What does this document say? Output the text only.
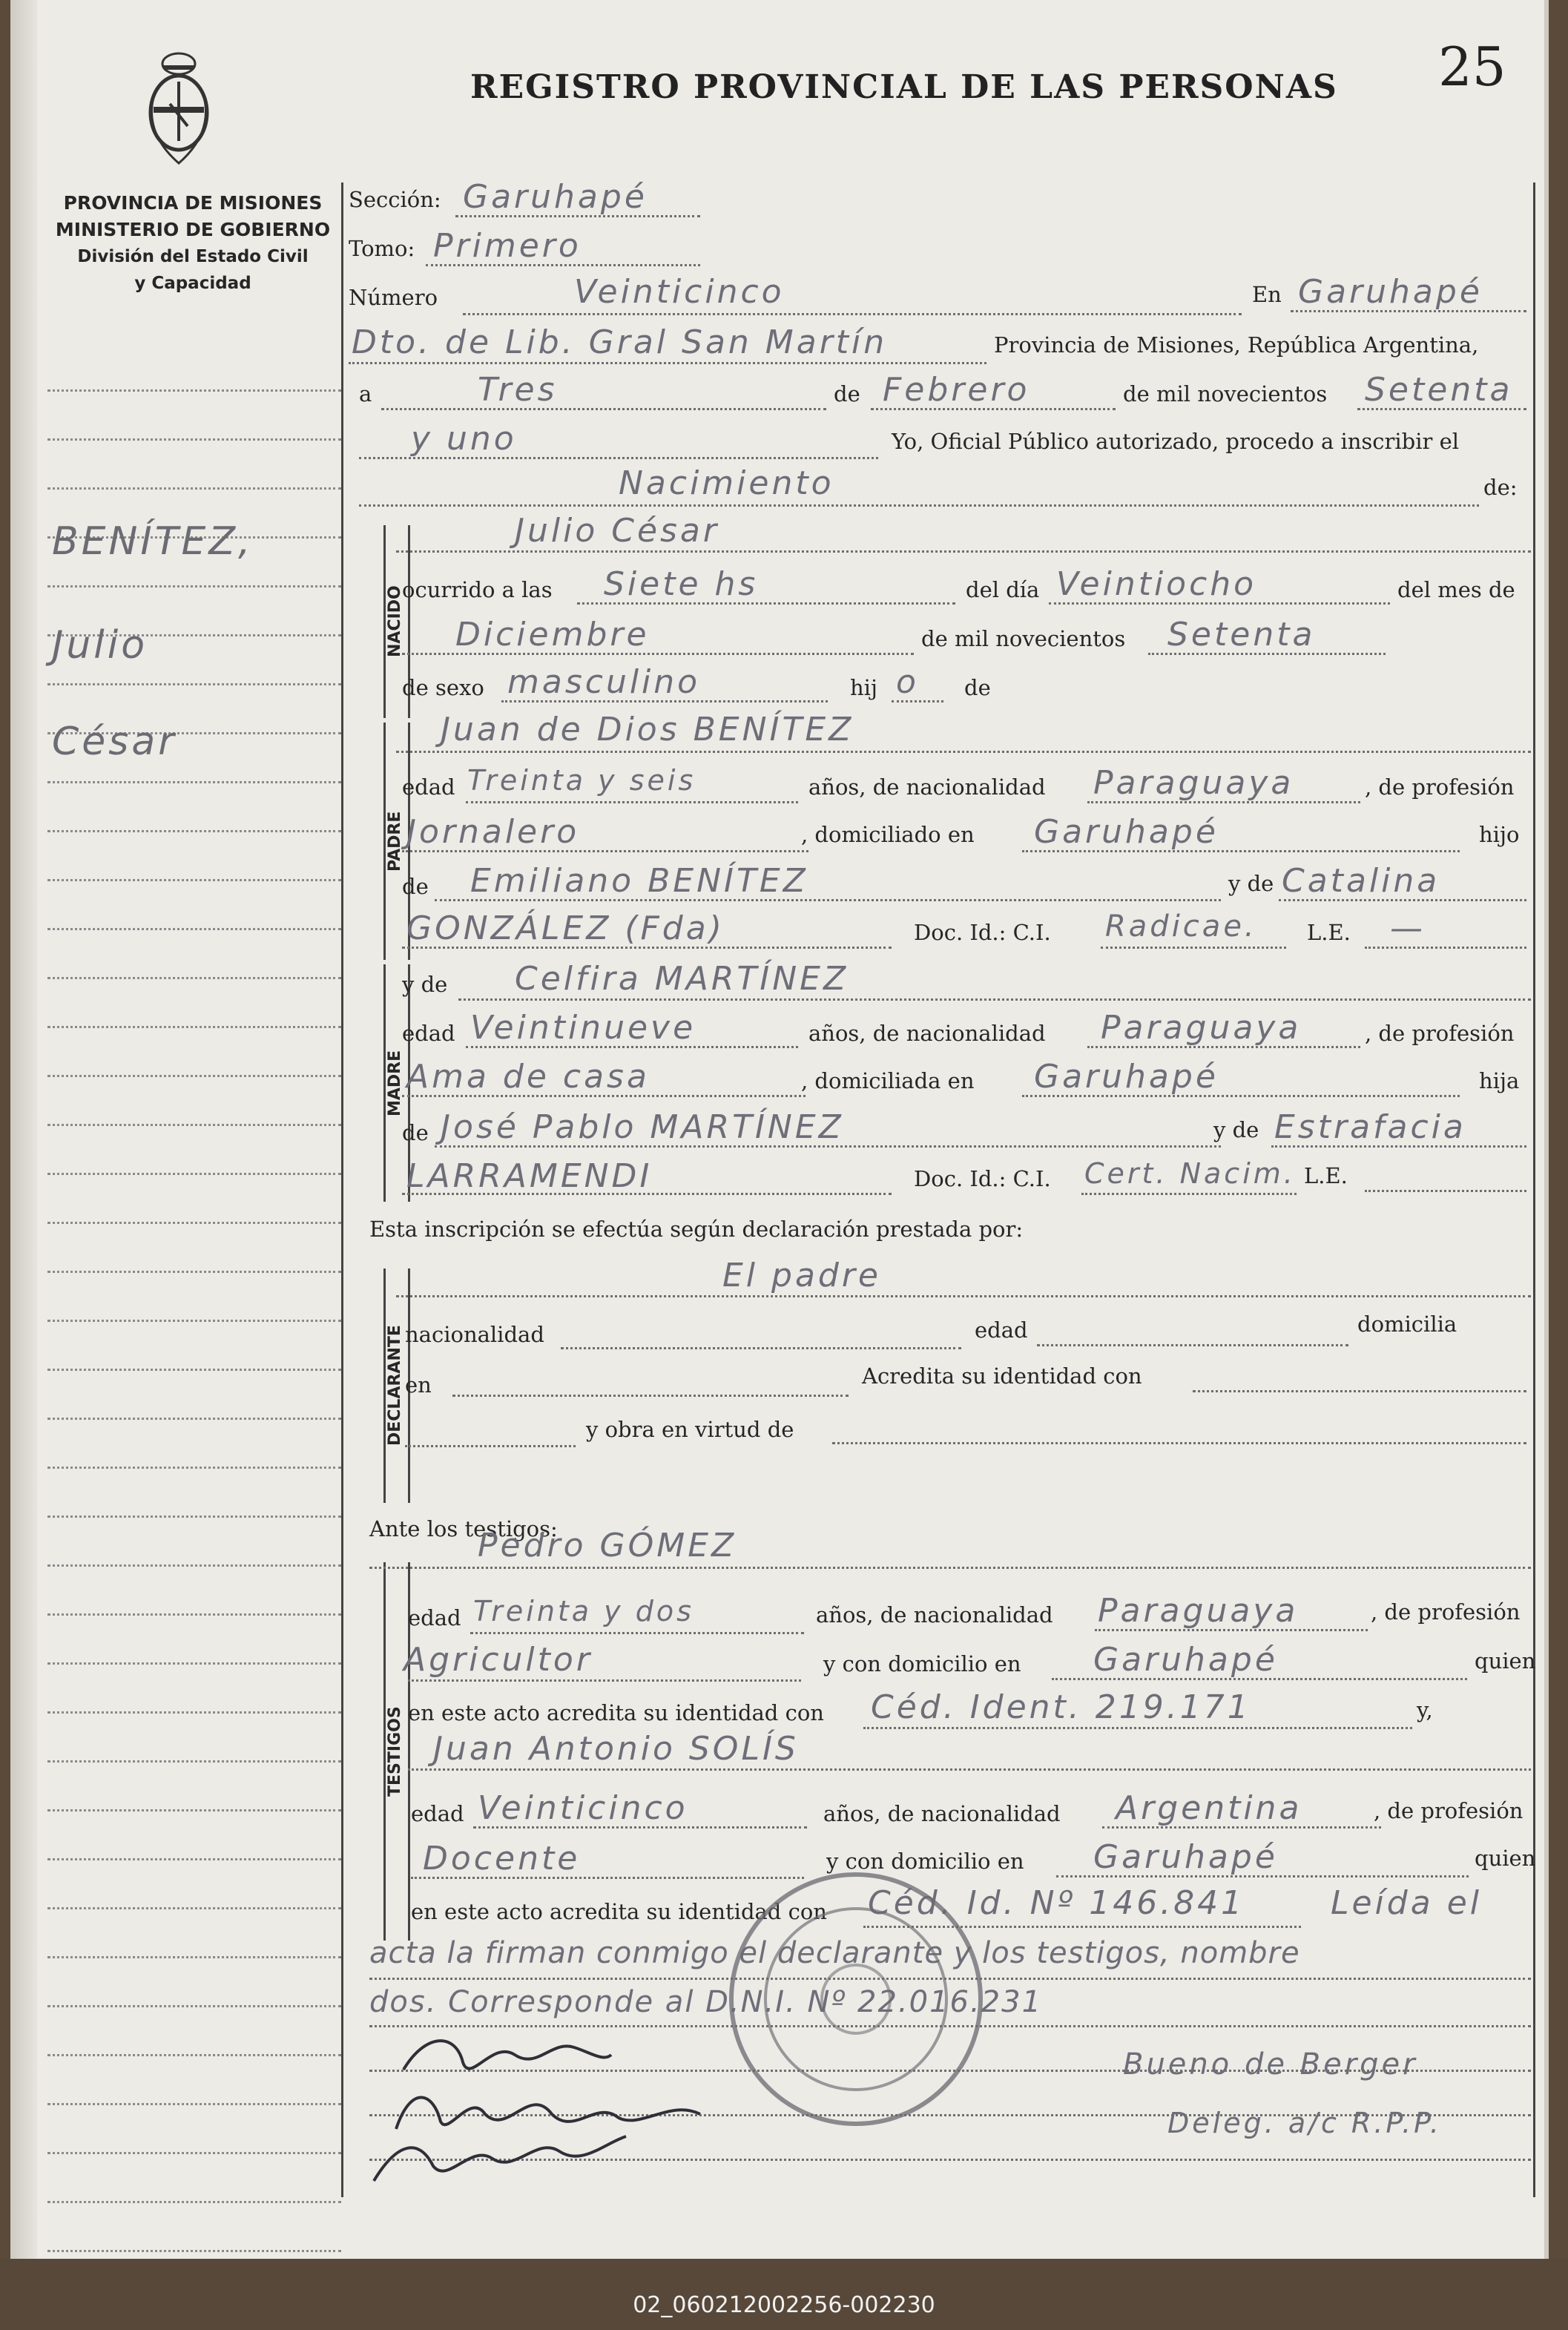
25
REGISTRO PROVINCIAL DE LAS PERSONAS
PROVINCIA DE MISIONES
MINISTERIO DE GOBIERNO
División del Estado Civil
y Capacidad
BENÍTEZ,
Julio
César
Sección: Garuhapé
Tomo: Primero
Número	Veinticinco	En Garuhapé
Dto. de Lib. Gral San Martín	Provincia de Misiones, República Argentina,
a	Tres	de Febrero	de mil novecientos Setenta
y uno	Yo, Oficial Público autorizado, procedo a inscribir el
Nacimiento	de:
NACIDO
Julio César
ocurrido a las Siete hs	del día Veintiocho	del mes de
Diciembre	de mil novecientos Setenta
de sexo masculino	hij o de
PADRE
Juan de Dios BENÍTEZ
edad Treinta y seis	años, de nacionalidad Paraguaya	, de profesión
Jornalero	, domiciliado en Garuhapé	hijo
de Emiliano BENÍTEZ	y de Catalina
GONZÁLEZ (Fda)	Doc. Id.: C.I. Radicae. L.E. —
MADRE
y de Celfira MARTÍNEZ
edad Veintinueve	años, de nacionalidad Paraguaya	, de profesión
Ama de casa	, domiciliada en Garuhapé	hija
de José Pablo MARTÍNEZ	y de Estrafacia
LARRAMENDI	Doc. Id.: C.I. Cert. Nacim. L.E.
Esta inscripción se efectúa según declaración prestada por:
DECLARANTE
El padre
nacionalidad	edad	domicilia
en	Acredita su identidad con
y obra en virtud de
Ante los testigos:
TESTIGOS
Pedro GÓMEZ
edad Treinta y dos	años, de nacionalidad Paraguaya	, de profesión
Agricultor	y con domicilio en Garuhapé	quien
en este acto acredita su identidad con Céd. Ident. 219.171	y,
Juan Antonio SOLÍS
edad Veinticinco	años, de nacionalidad Argentina	, de profesión
Docente	y con domicilio en Garuhapé	quien
en este acto acredita su identidad con Céd. Id. Nº 146.841	Leída el
acta la firman conmigo el declarante y los testigos, nombre
dos. Corresponde al D.N.I. Nº 22.016.231
Bueno de Berger
Deleg. a/c R.P.P.
02_060212002256-002230
